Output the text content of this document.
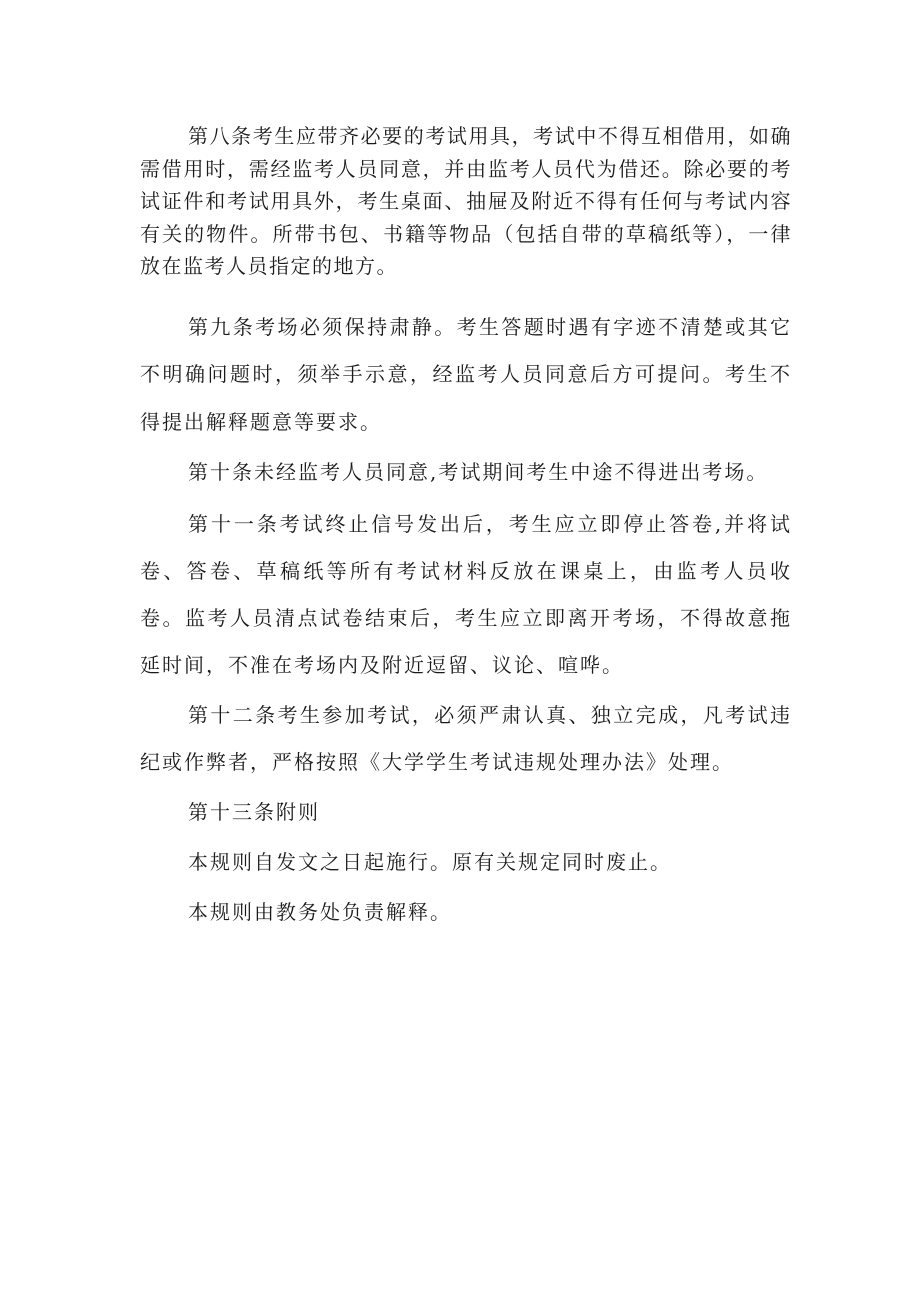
第八条考生应带齐必要的考试用具，考试中不得互相借用，如确需借用时，需经监考人员同意，并由监考人员代为借还。除必要的考试证件和考试用具外，考生桌面、抽屉及附近不得有任何与考试内容有关的物件。所带书包、书籍等物品（包括自带的草稿纸等），一律放在监考人员指定的地方。

第九条考场必须保持肃静。考生答题时遇有字迹不清楚或其它不明确问题时，须举手示意，经监考人员同意后方可提问。考生不得提出解释题意等要求。

第十条未经监考人员同意,考试期间考生中途不得进出考场。

第十一条考试终止信号发出后，考生应立即停止答卷,并将试卷、答卷、草稿纸等所有考试材料反放在课桌上，由监考人员收卷。监考人员清点试卷结束后，考生应立即离开考场，不得故意拖延时间，不准在考场内及附近逗留、议论、喧哗。

第十二条考生参加考试，必须严肃认真、独立完成，凡考试违纪或作弊者，严格按照《大学学生考试违规处理办法》处理。

第十三条附则

本规则自发文之日起施行。原有关规定同时废止。

本规则由教务处负责解释。
